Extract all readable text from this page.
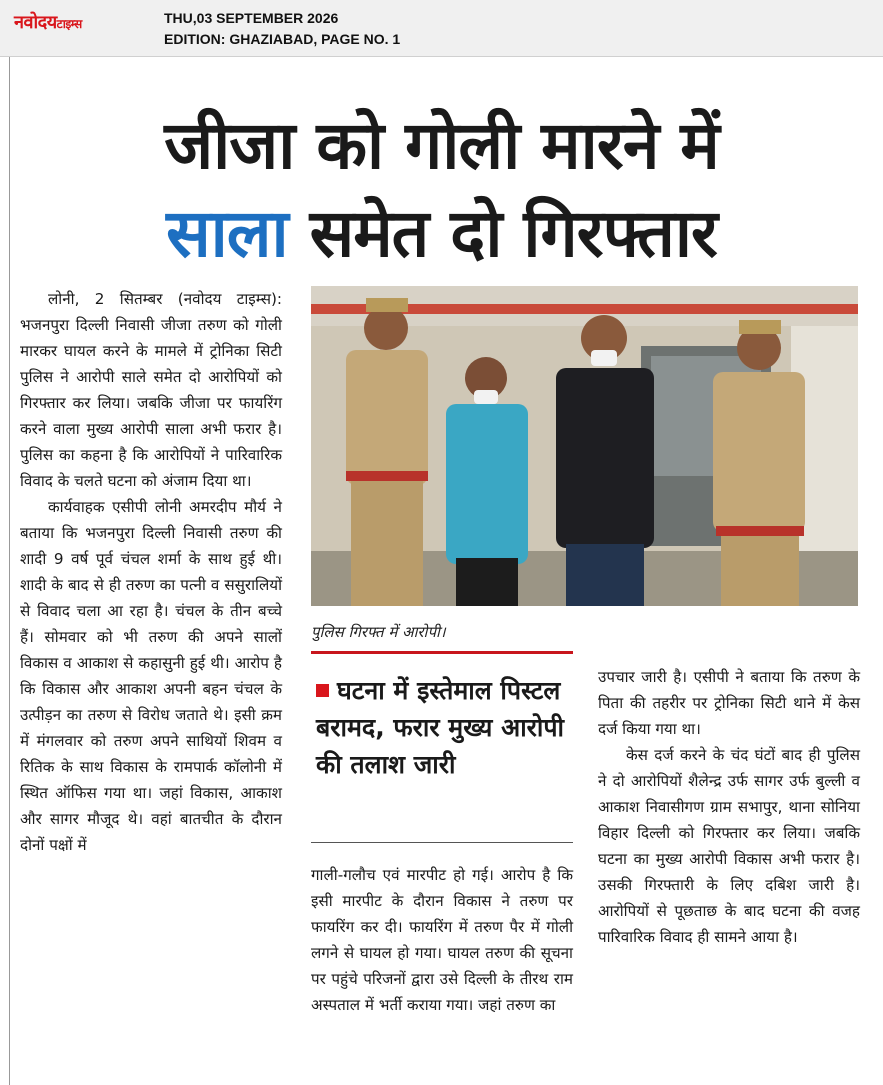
नवोदयटाइम्स	THU,03 SEPTEMBER 2026
EDITION: GHAZIABAD, PAGE NO. 1
जीजा को गोली मारने में
साला समेत दो गिरफ्तार

लोनी, 2 सितम्बर (नवोदय टाइम्स): भजनपुरा दिल्ली निवासी जीजा तरुण को गोली मारकर घायल करने के मामले में ट्रोनिका सिटी पुलिस ने आरोपी साले समेत दो आरोपियों को गिरफ्तार कर लिया। जबकि जीजा पर फायरिंग करने वाला मुख्य आरोपी साला अभी फरार है। पुलिस का कहना है कि आरोपियों ने पारिवारिक विवाद के चलते घटना को अंजाम दिया था।

कार्यवाहक एसीपी लोनी अमरदीप मौर्य ने बताया कि भजनपुरा दिल्ली निवासी तरुण की शादी 9 वर्ष पूर्व चंचल शर्मा के साथ हुई थी। शादी के बाद से ही तरुण का पत्नी व ससुरालियों से विवाद चला आ रहा है। चंचल के तीन बच्चे हैं। सोमवार को भी तरुण की अपने सालों विकास व आकाश से कहासुनी हुई थी। आरोप है कि विकास और आकाश अपनी बहन चंचल के उत्पीड़न का तरुण से विरोध जताते थे। इसी क्रम में मंगलवार को तरुण अपने साथियों शिवम व रितिक के साथ विकास के रामपार्क कॉलोनी में स्थित ऑफिस गया था। जहां विकास, आकाश और सागर मौजूद थे। वहां बातचीत के दौरान दोनों पक्षों में

पुलिस गिरफ्त में आरोपी।
घटना में इस्तेमाल पिस्टल बरामद, फरार मुख्य आरोपी की तलाश जारी

गाली-गलौच एवं मारपीट हो गई। आरोप है कि इसी मारपीट के दौरान विकास ने तरुण पर फायरिंग कर दी। फायरिंग में तरुण पैर में गोली लगने से घायल हो गया। घायल तरुण की सूचना पर पहुंचे परिजनों द्वारा उसे दिल्ली के तीरथ राम अस्पताल में भर्ती कराया गया। जहां तरुण का

उपचार जारी है। एसीपी ने बताया कि तरुण के पिता की तहरीर पर ट्रोनिका सिटी थाने में केस दर्ज किया गया था।

केस दर्ज करने के चंद घंटों बाद ही पुलिस ने दो आरोपियों शैलेन्द्र उर्फ सागर उर्फ बुल्ली व आकाश निवासीगण ग्राम सभापुर, थाना सोनिया विहार दिल्ली को गिरफ्तार कर लिया। जबकि घटना का मुख्य आरोपी विकास अभी फरार है। उसकी गिरफ्तारी के लिए दबिश जारी है। आरोपियों से पूछताछ के बाद घटना की वजह पारिवारिक विवाद ही सामने आया है।
